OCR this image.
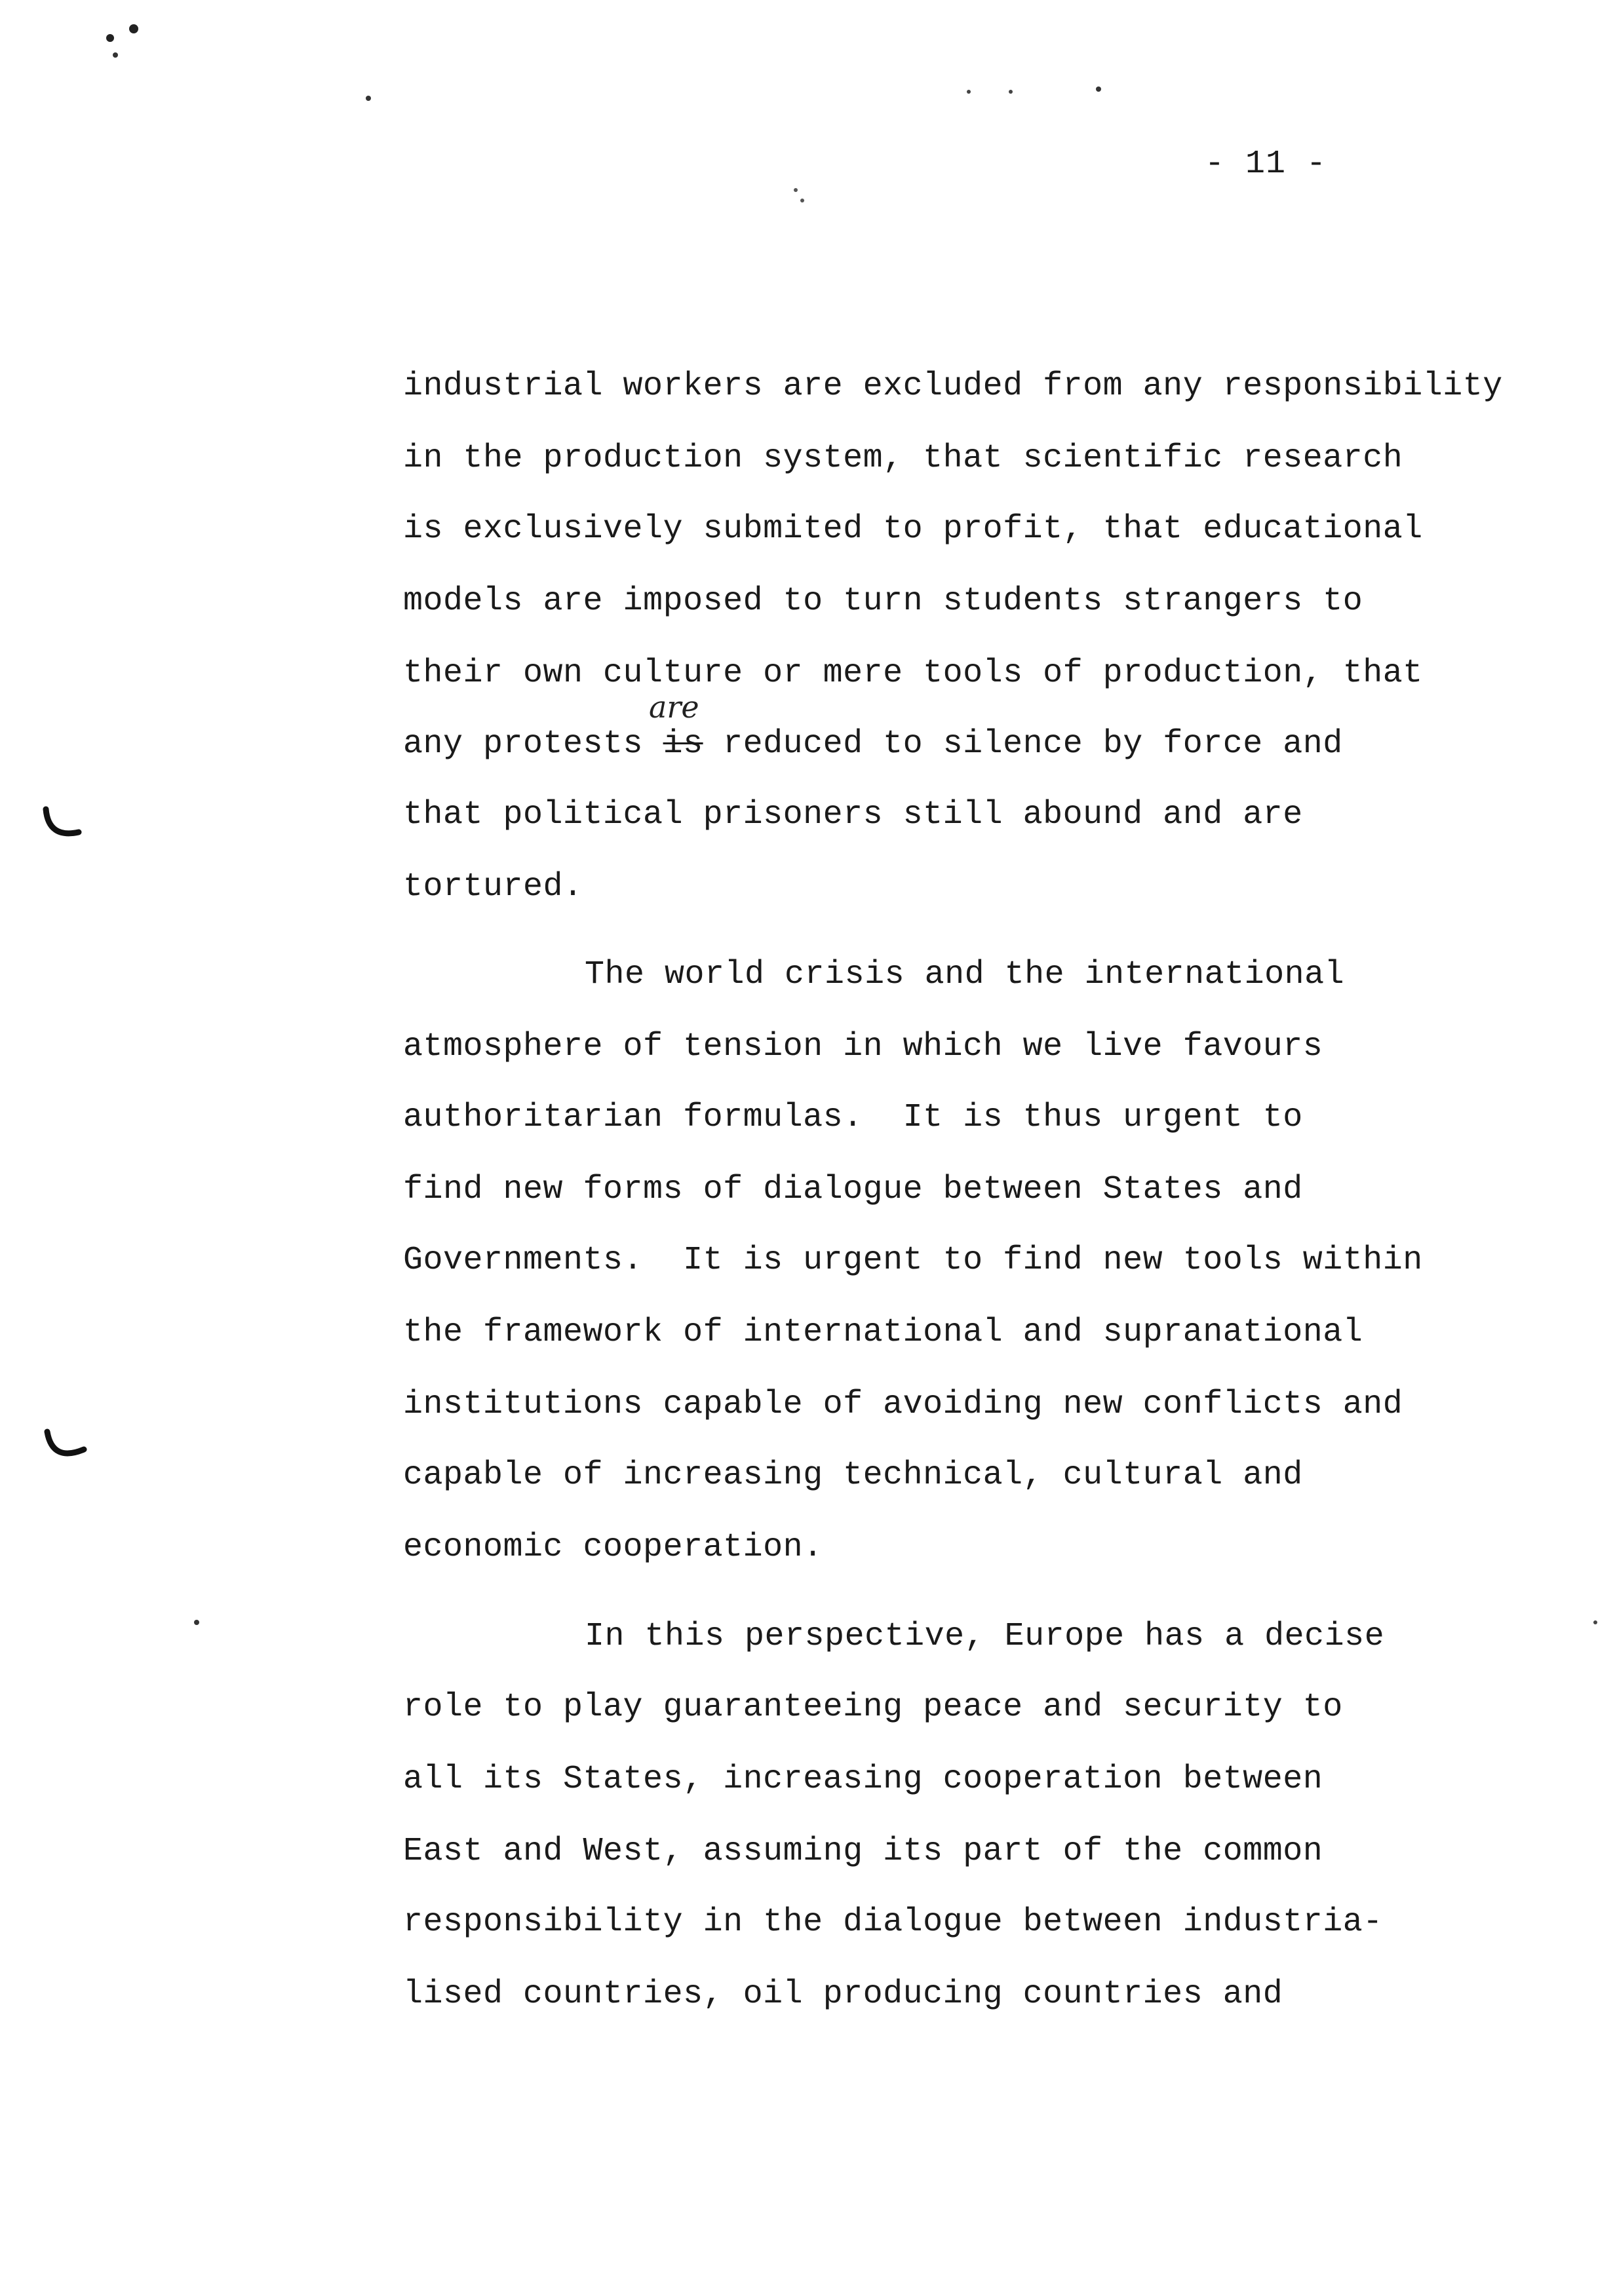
- 11 -
industrial workers are excluded from any responsibility
in the production system, that scientific research
is exclusively submited to profit, that educational
models are imposed to turn students strangers to
their own culture or mere tools of production, that
are
any protests is reduced to silence by force and
that political prisoners still abound and are
tortured.
The world crisis and the international
atmosphere of tension in which we live favours
authoritarian formulas.  It is thus urgent to
find new forms of dialogue between States and
Governments.  It is urgent to find new tools within
the framework of international and supranational
institutions capable of avoiding new conflicts and
capable of increasing technical, cultural and
economic cooperation.
In this perspective, Europe has a decise
role to play guaranteeing peace and security to
all its States, increasing cooperation between
East and West, assuming its part of the common
responsibility in the dialogue between industria-
lised countries, oil producing countries and
